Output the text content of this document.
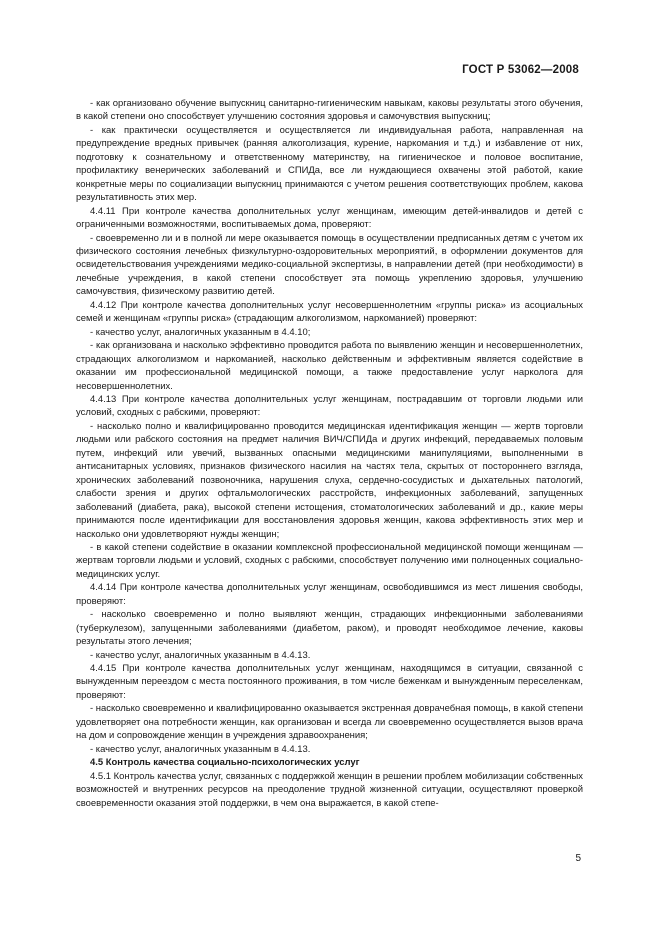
ГОСТ Р 53062—2008

- как организовано обучение выпускниц санитарно-гигиеническим навыкам, каковы результаты этого обучения, в какой степени оно способствует улучшению состояния здоровья и самочувствия выпускниц;

- как практически осуществляется и осуществляется ли индивидуальная работа, направленная на предупреждение вредных привычек (ранняя алкоголизация, курение, наркомания и т.д.) и избавление от них, подготовку к сознательному и ответственному материнству, на гигиеническое и половое воспитание, профилактику венерических заболеваний и СПИДа, все ли нуждающиеся охвачены этой работой, какие конкретные меры по социализации выпускниц принимаются с учетом решения соответствующих проблем, какова результативность этих мер.

4.4.11 При контроле качества дополнительных услуг женщинам, имеющим детей-инвалидов и детей с ограниченными возможностями, воспитываемых дома, проверяют:

- своевременно ли и в полной ли мере оказывается помощь в осуществлении предписанных детям с учетом их физического состояния лечебных физкультурно-оздоровительных мероприятий, в оформлении документов для освидетельствования учреждениями медико-социальной экспертизы, в направлении детей (при необходимости) в лечебные учреждения, в какой степени способствует эта помощь укреплению здоровья, улучшению самочувствия, физическому развитию детей.

4.4.12 При контроле качества дополнительных услуг несовершеннолетним «группы риска» из асоциальных семей и женщинам «группы риска» (страдающим алкоголизмом, наркоманией) проверяют:

- качество услуг, аналогичных указанным в 4.4.10;

- как организована и насколько эффективно проводится работа по выявлению женщин и несовершеннолетних, страдающих алкоголизмом и наркоманией, насколько действенным и эффективным является содействие в оказании им профессиональной медицинской помощи, а также предоставление услуг нарколога для несовершеннолетних.

4.4.13 При контроле качества дополнительных услуг женщинам, пострадавшим от торговли людьми или условий, сходных с рабскими, проверяют:

- насколько полно и квалифицированно проводится медицинская идентификация женщин — жертв торговли людьми или рабского состояния на предмет наличия ВИЧ/СПИДа и других инфекций, передаваемых половым путем, инфекций или увечий, вызванных опасными медицинскими манипуляциями, выполненными в антисанитарных условиях, признаков физического насилия на частях тела, скрытых от постороннего взгляда, хронических заболеваний позвоночника, нарушения слуха, сердечно-сосудистых и дыхательных патологий, слабости зрения и других офтальмологических расстройств, инфекционных заболеваний, запущенных заболеваний (диабета, рака), высокой степени истощения, стоматологических заболеваний и др., какие меры принимаются после идентификации для восстановления здоровья женщин, какова эффективность этих мер и насколько они удовлетворяют нужды женщин;

- в какой степени содействие в оказании комплексной профессиональной медицинской помощи женщинам — жертвам торговли людьми и условий, сходных с рабскими, способствует получению ими полноценных социально-медицинских услуг.

4.4.14 При контроле качества дополнительных услуг женщинам, освободившимся из мест лишения свободы, проверяют:

- насколько своевременно и полно выявляют женщин, страдающих инфекционными заболеваниями (туберкулезом), запущенными заболеваниями (диабетом, раком), и проводят необходимое лечение, каковы результаты этого лечения;

- качество услуг, аналогичных указанным в 4.4.13.

4.4.15 При контроле качества дополнительных услуг женщинам, находящимся в ситуации, связанной с вынужденным переездом с места постоянного проживания, в том числе беженкам и вынужденным переселенкам, проверяют:

- насколько своевременно и квалифицированно оказывается экстренная доврачебная помощь, в какой степени удовлетворяет она потребности женщин, как организован и всегда ли своевременно осуществляется вызов врача на дом и сопровождение женщин в учреждения здравоохранения;

- качество услуг, аналогичных указанным в 4.4.13.

4.5 Контроль качества социально-психологических услуг

4.5.1 Контроль качества услуг, связанных с поддержкой женщин в решении проблем мобилизации собственных возможностей и внутренних ресурсов на преодоление трудной жизненной ситуации, осуществляют проверкой своевременности оказания этой поддержки, в чем она выражается, в какой степе-

5
